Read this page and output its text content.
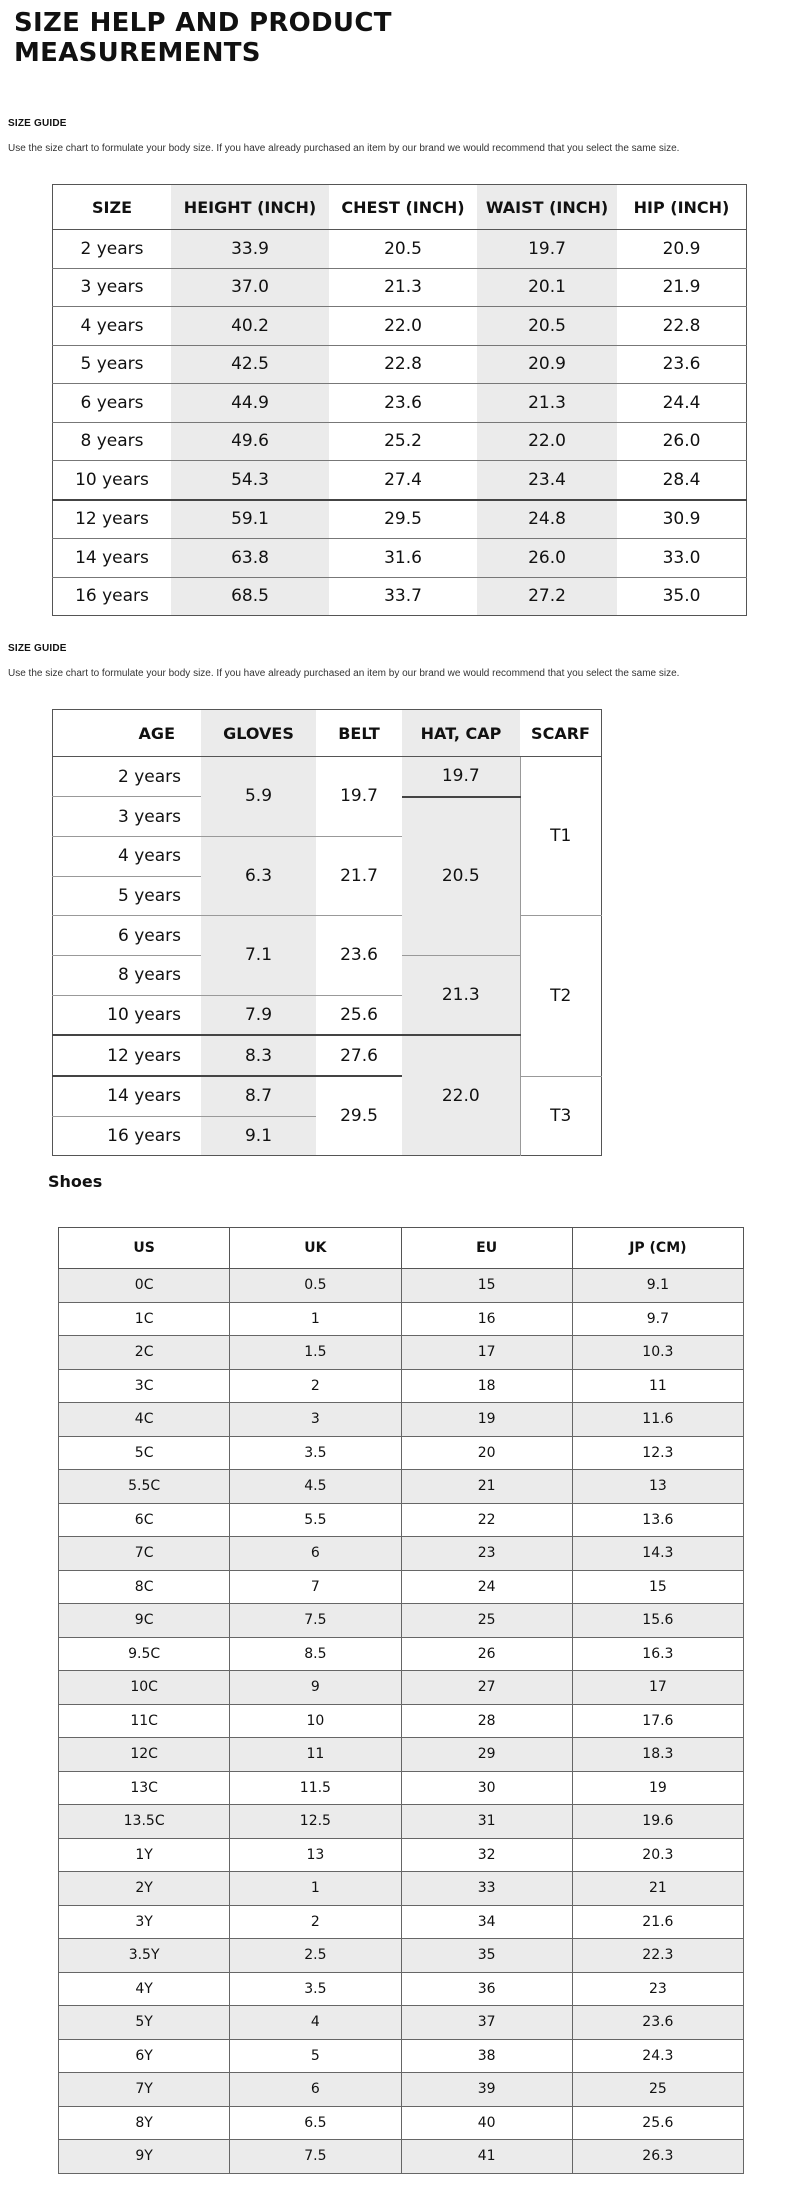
SIZE HELP AND PRODUCT MEASUREMENTS
SIZE GUIDE
Use the size chart to formulate your body size. If you have already purchased an item by our brand we would recommend that you select the same size.
SIZE	HEIGHT (INCH)	CHEST (INCH)	WAIST (INCH)	HIP (INCH)
2 years	33.9	20.5	19.7	20.9
3 years	37.0	21.3	20.1	21.9
4 years	40.2	22.0	20.5	22.8
5 years	42.5	22.8	20.9	23.6
6 years	44.9	23.6	21.3	24.4
8 years	49.6	25.2	22.0	26.0
10 years	54.3	27.4	23.4	28.4
12 years	59.1	29.5	24.8	30.9
14 years	63.8	31.6	26.0	33.0
16 years	68.5	33.7	27.2	35.0
SIZE GUIDE
Use the size chart to formulate your body size. If you have already purchased an item by our brand we would recommend that you select the same size.
AGE	GLOVES	BELT	HAT, CAP	SCARF
2 years	5.9	19.7	19.7	T1
3 years			20.5	
4 years	6.3	21.7		
5 years				
6 years	7.1	23.6		T2
8 years			21.3	
10 years	7.9	25.6		
12 years	8.3	27.6	22.0	
14 years	8.7	29.5		T3
16 years	9.1			
Shoes
US	UK	EU	JP (CM)
0C	0.5	15	9.1
1C	1	16	9.7
2C	1.5	17	10.3
3C	2	18	11
4C	3	19	11.6
5C	3.5	20	12.3
5.5C	4.5	21	13
6C	5.5	22	13.6
7C	6	23	14.3
8C	7	24	15
9C	7.5	25	15.6
9.5C	8.5	26	16.3
10C	9	27	17
11C	10	28	17.6
12C	11	29	18.3
13C	11.5	30	19
13.5C	12.5	31	19.6
1Y	13	32	20.3
2Y	1	33	21
3Y	2	34	21.6
3.5Y	2.5	35	22.3
4Y	3.5	36	23
5Y	4	37	23.6
6Y	5	38	24.3
7Y	6	39	25
8Y	6.5	40	25.6
9Y	7.5	41	26.3
